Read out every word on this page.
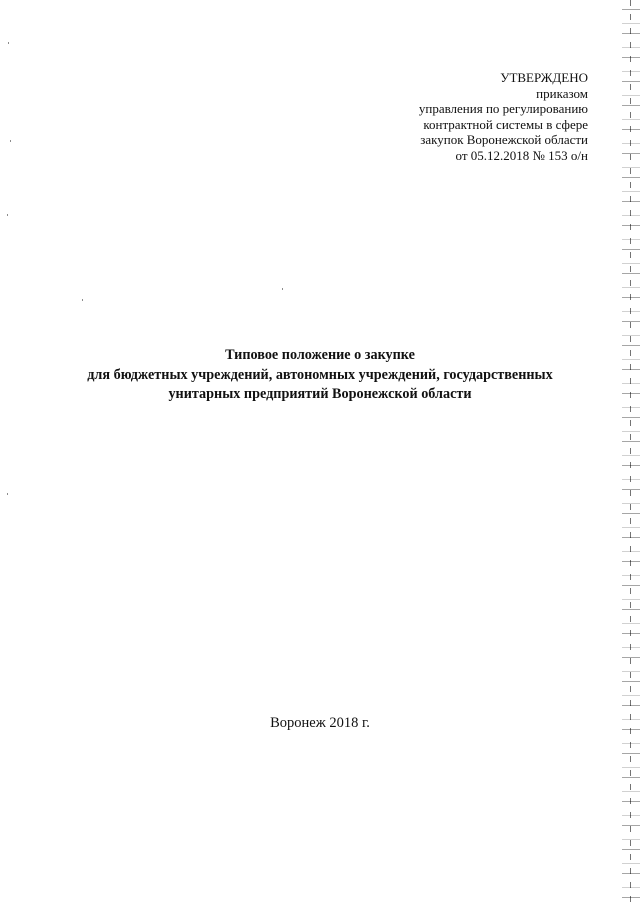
УТВЕРЖДЕНО
приказом
управления по регулированию
контрактной системы в сфере
закупок Воронежской области
от 05.12.2018 № 153 о/н
Типовое положение о закупке
для бюджетных учреждений, автономных учреждений, государственных
унитарных предприятий Воронежской области
Воронеж 2018 г.
